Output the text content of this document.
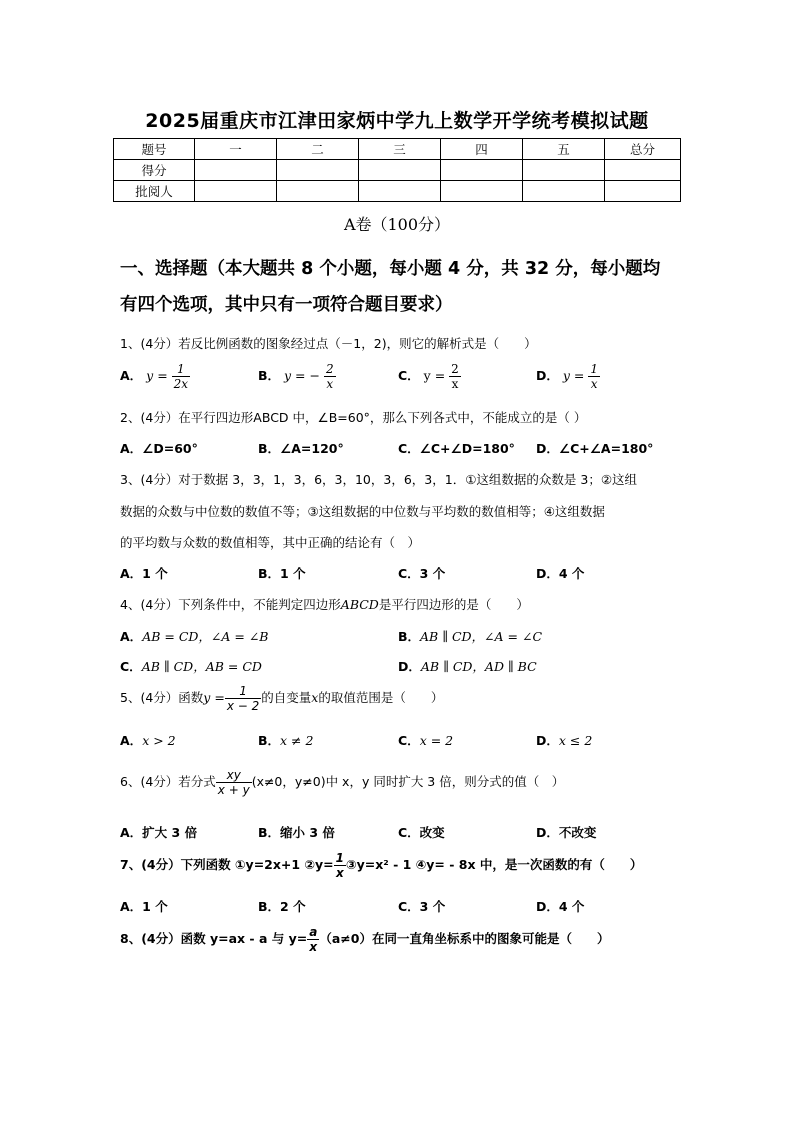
2025届重庆市江津田家炳中学九上数学开学统考模拟试题
题号	一	二	三	四	五	总分
得分						
批阅人						
A卷（100分）
一、选择题（本大题共 8 个小题，每小题 4 分，共 32 分，每小题均
有四个选项，其中只有一项符合题目要求）
1、(4分）若反比例函数的图象经过点（－1，2)，则它的解析式是（　　）
A． $y = \frac{1}{2x}$	B． y = − $\frac{2}{x}$	C． $y = \frac{2}{x}$	D． $y = \frac{1}{x}$
2、(4分）在平行四边形ABCD 中，∠B=60°，那么下列各式中，不能成立的是（ ）
A．∠D=60°	B．∠A=120°	C．∠C+∠D=180° D．∠C+∠A=180°
3、(4分）对于数据 3，3，1，3，6，3，10，3，6，3，1．①这组数据的众数是 3；②这组
数据的众数与中位数的数值不等；③这组数据的中位数与平均数的数值相等；④这组数据
的平均数与众数的数值相等，其中正确的结论有（　）
A．1 个	B．1 个	C．3 个	D．4 个
4、(4分）下列条件中，不能判定四边形ABCD是平行四边形的是（　　）
A．AB = CD，∠A = ∠B	B．AB ∥ CD，∠A = ∠C
C．AB ∥ CD，AB = CD	D．AB ∥ CD，AD ∥ BC
5、(4分）函数$y = \frac{1}{x - 2}$ 的自变量x的取值范围是（　　）
A．x > 2	B．x ≠ 2	C．x = 2	D．x ≤ 2
6、(4分）若分式 $\frac{xy}{x + y} (x\ne 0$，y≠0)中 x，y 同时扩大 3 倍，则分式的值（　）
A．扩大 3 倍	B．缩小 3 倍	C．改变	D．不改变
7、(4分）下列函数 ①y=2x+1 ②y= $\frac{1}{x}$ ③y=x² - 1 ④y= - 8x 中，是一次函数的有（　　）
A．1 个	B．2 个	C．3 个	D．4 个
8、(4分）函数 y=ax - a 与 $y= \frac{a}{x} (a\ne 0)$在同一直角坐标系中的图象可能是（　　）
